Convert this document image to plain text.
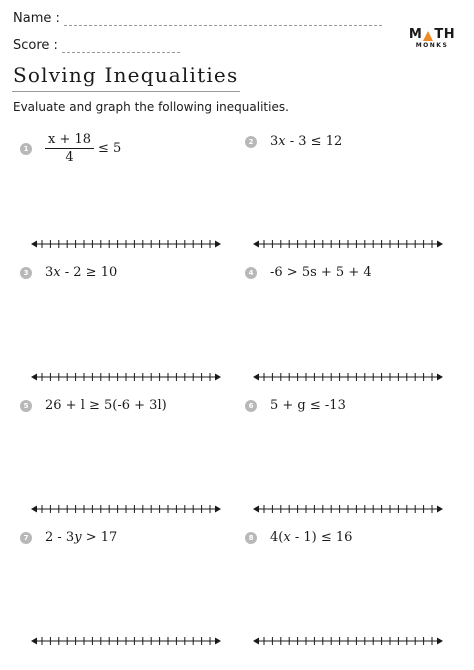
Name :
Score :
M TH
MONKS
Solving Inequalities
Evaluate and graph the following inequalities.
$1 \frac{x + 18}{4} \le 5$	2 3x - 3 ≤ 12
3 3x - 2 ≥ 10	4 -6 > 5s + 5 + 4
5 26 + l ≥ 5(-6 + 3l)	6 5 + g ≤ -13
7 2 - 3y > 17	8 4(x - 1) ≤ 16
